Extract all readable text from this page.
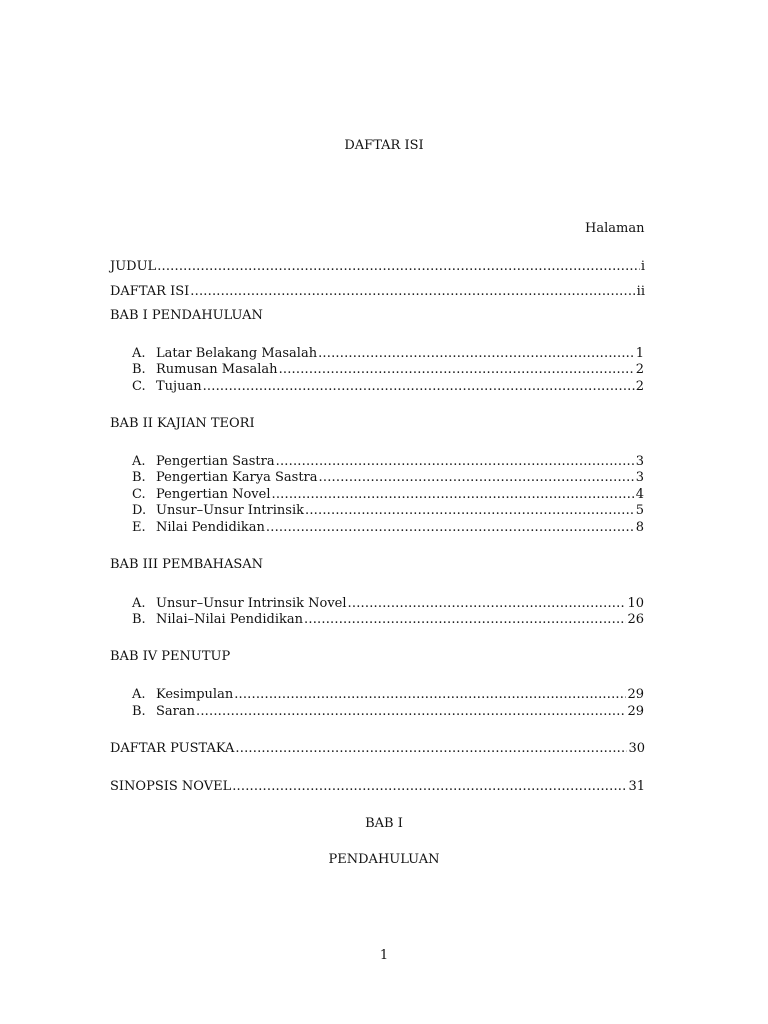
DAFTAR ISI
Halaman
JUDUL .....	i
DAFTAR ISI .....	ii
BAB I PENDAHULUAN
A. Latar Belakang Masalah .....	1
B. Rumusan Masalah .....	2
C. Tujuan .....	2
BAB II KAJIAN TEORI
A. Pengertian Sastra .....	3
B. Pengertian Karya Sastra .....	3
C. Pengertian Novel .....	4
D. Unsur–Unsur Intrinsik .....	5
E. Nilai Pendidikan .....	8
BAB III PEMBAHASAN
A. Unsur–Unsur Intrinsik Novel .....	10
B. Nilai–Nilai Pendidikan .....	26
BAB IV PENUTUP
A. Kesimpulan .....	29
B. Saran .....	29
DAFTAR PUSTAKA .....	30
SINOPSIS NOVEL .....	31
BAB I
PENDAHULUAN
1
